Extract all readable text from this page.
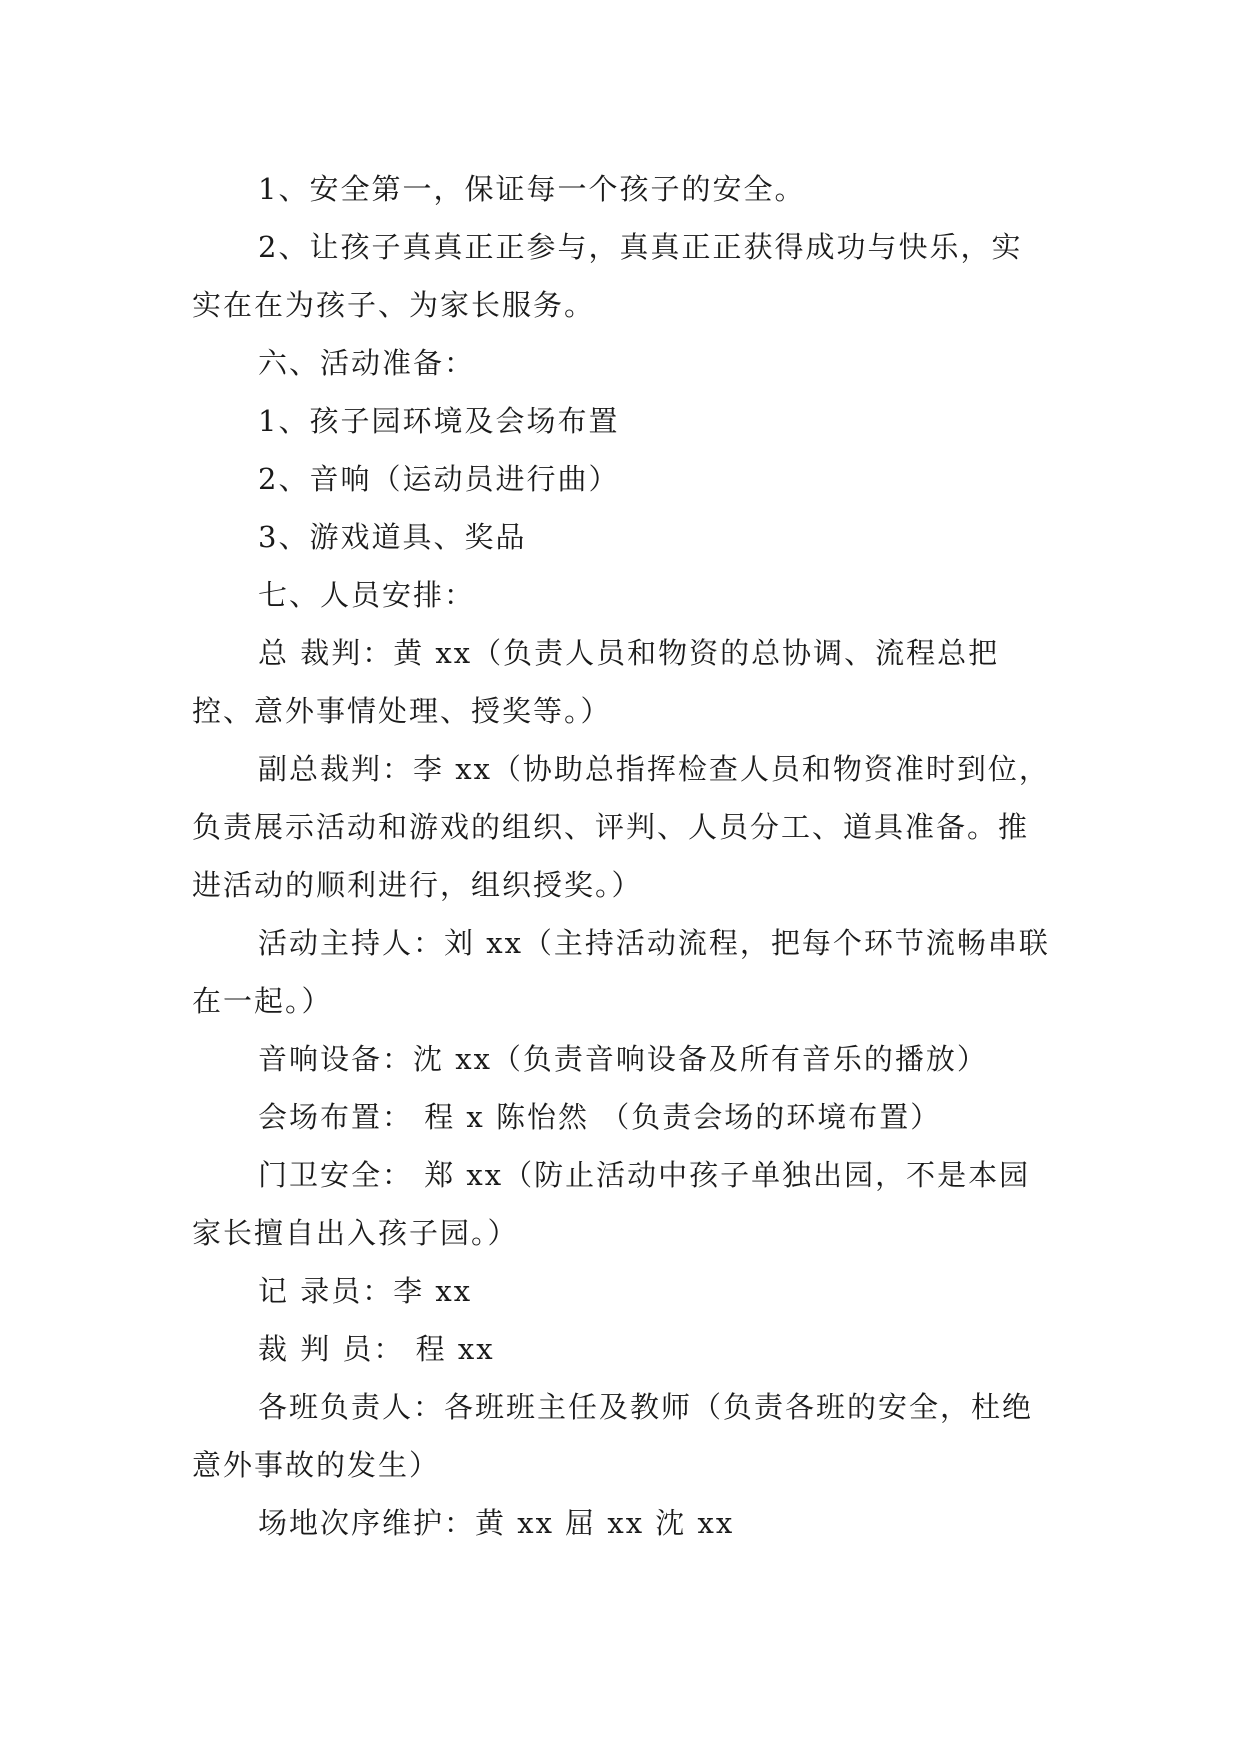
1、安全第一，保证每一个孩子的安全。

2、让孩子真真正正参与，真真正正获得成功与快乐，实实在在为孩子、为家长服务。

六、活动准备：

1、孩子园环境及会场布置

2、音响（运动员进行曲）

3、游戏道具、奖品

七、人员安排：

总 裁判：黄 xx（负责人员和物资的总协调、流程总把控、意外事情处理、授奖等。）

副总裁判：李 xx（协助总指挥检查人员和物资准时到位，负责展示活动和游戏的组织、评判、人员分工、道具准备。推进活动的顺利进行，组织授奖。）

活动主持人：刘 xx（主持活动流程，把每个环节流畅串联在一起。）

音响设备：沈 xx（负责音响设备及所有音乐的播放）

会场布置： 程 x 陈怡然 （负责会场的环境布置）

门卫安全： 郑 xx（防止活动中孩子单独出园，不是本园家长擅自出入孩子园。）

记 录员：李 xx

裁 判 员： 程 xx

各班负责人：各班班主任及教师（负责各班的安全，杜绝意外事故的发生）

场地次序维护：黄 xx 屈 xx 沈 xx
